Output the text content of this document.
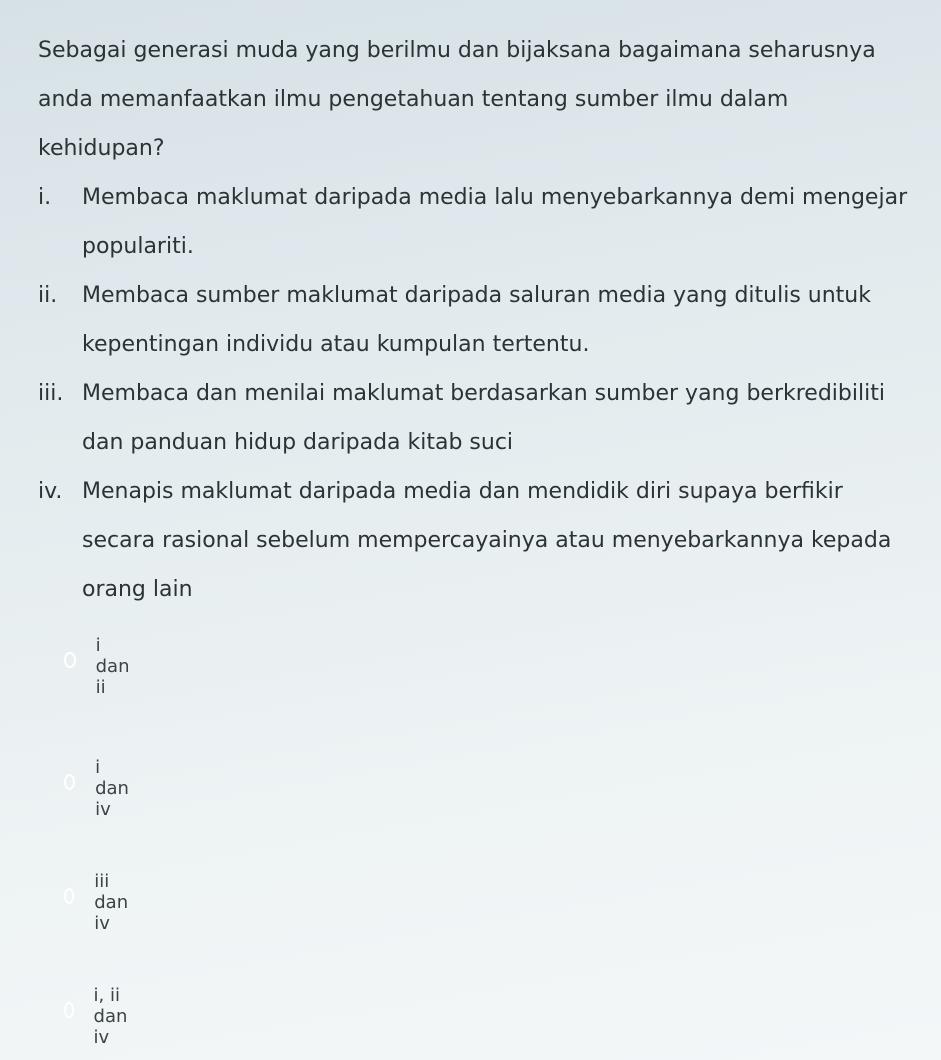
Sebagai generasi muda yang berilmu dan bijaksana bagaimana seharusnya anda memanfaatkan ilmu pengetahuan tentang sumber ilmu dalam kehidupan?

i. Membaca maklumat daripada media lalu menyebarkannya demi mengejar populariti.
ii. Membaca sumber maklumat daripada saluran media yang ditulis untuk kepentingan individu atau kumpulan tertentu.
iii. Membaca dan menilai maklumat berdasarkan sumber yang berkredibiliti dan panduan hidup daripada kitab suci
iv. Menapis maklumat daripada media dan mendidik diri supaya berfikir secara rasional sebelum mempercayainya atau menyebarkannya kepada orang lain
i dan ii
i dan iv
iii dan iv
i, ii dan iv
